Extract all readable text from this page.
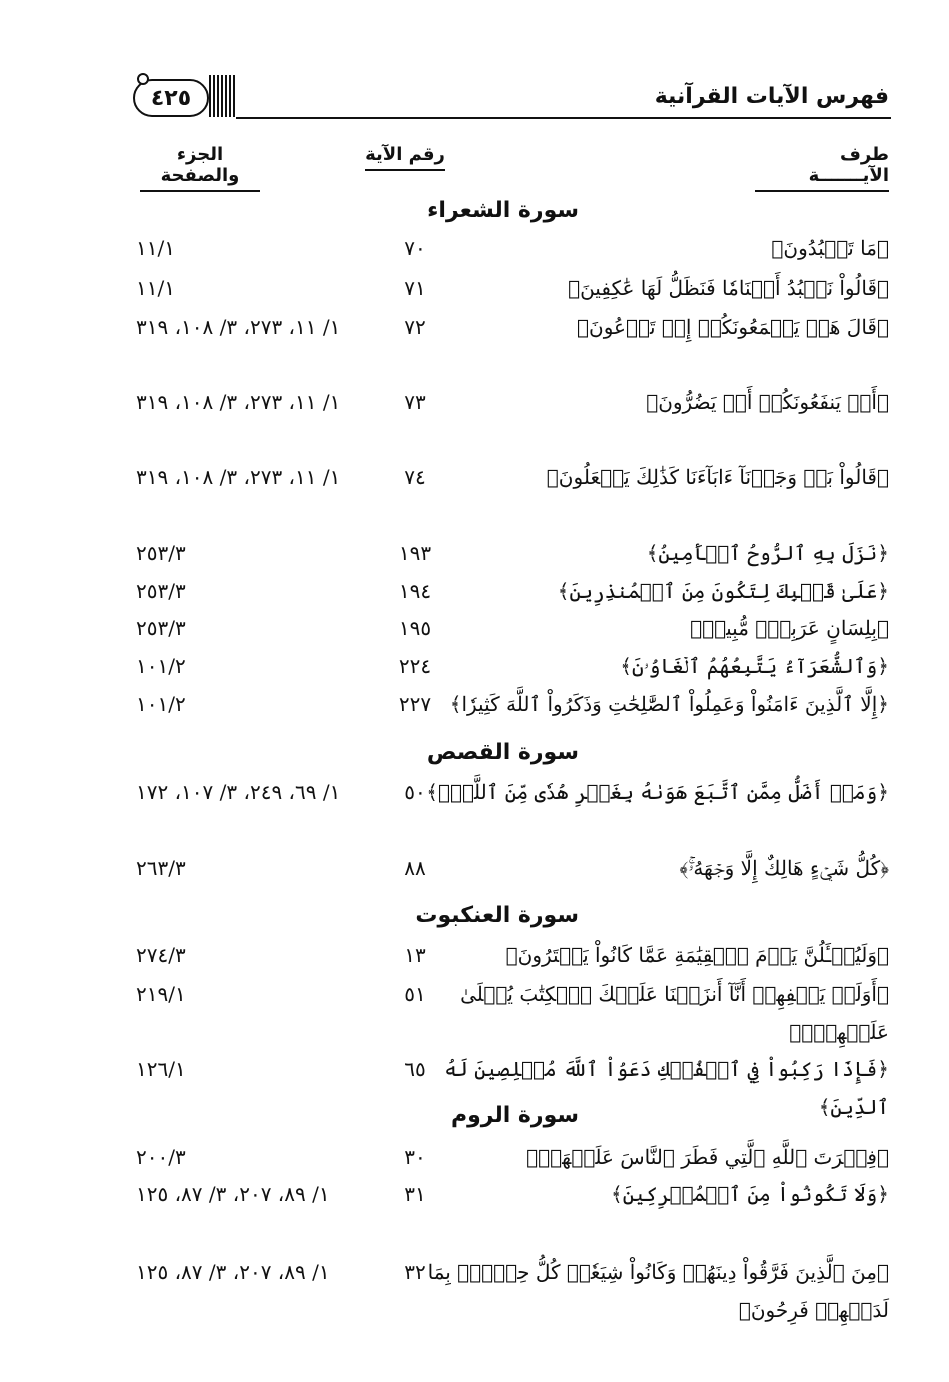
فهرس الآيات القرآنية
٤٢٥
طرف الآيـــــــة
رقم الآية
الجزء والصفحة
سورة الشعراء
﴿مَا تَعۡبُدُونَ﴾
٧٠
١١/١
﴿قَالُواْ نَعۡبُدُ أَصۡنَامٗا فَنَظَلُّ لَهَا عَٰكِفِينَ﴾
٧١
١١/١
﴿قَالَ هَلۡ يَسۡمَعُونَكُمۡ إِذۡ تَدۡعُونَ﴾
٧٢
١/ ١١، ٢٧٣، ٣/ ١٠٨، ٣١٩
﴿أَوۡ يَنفَعُونَكُمۡ أَوۡ يَضُرُّونَ﴾
٧٣
١/ ١١، ٢٧٣، ٣/ ١٠٨، ٣١٩
﴿قَالُواْ بَلۡ وَجَدۡنَآ ءَابَآءَنَا كَذَٰلِكَ يَفۡعَلُونَ﴾
٧٤
١/ ١١، ٢٧٣، ٣/ ١٠٨، ٣١٩
﴿نَزَلَ بِهِ ٱلرُّوحُ ٱلۡأَمِينُ﴾
١٩٣
٢٥٣/٣
﴿عَلَىٰ قَلۡبِكَ لِتَكُونَ مِنَ ٱلۡمُنذِرِينَ﴾
١٩٤
٢٥٣/٣
﴿بِلِسَانٍ عَرَبِيّٖ مُّبِينٖ﴾
١٩٥
٢٥٣/٣
﴿وَٱلشُّعَرَآءُ يَتَّبِعُهُمُ ٱلۡغَاوُۥنَ﴾
٢٢٤
١٠١/٢
﴿إِلَّا ٱلَّذِينَ ءَامَنُواْ وَعَمِلُواْ ٱلصَّٰلِحَٰتِ وَذَكَرُواْ ٱللَّهَ كَثِيرٗا﴾
٢٢٧
١٠١/٢
سورة القصص
﴿وَمَنۡ أَضَلُّ مِمَّنِ ٱتَّبَعَ هَوَىٰهُ بِغَيۡرِ هُدٗى مِّنَ ٱللَّهِۚ﴾
٥٠
١/ ٦٩، ٢٤٩، ٣/ ١٠٧، ١٧٢
﴿كُلُّ شَيۡءٍ هَالِكٌ إِلَّا وَجۡهَهُۥۚ﴾
٨٨
٢٦٣/٣
سورة العنكبوت
﴿وَلَيُسۡـَٔلُنَّ يَوۡمَ ٱلۡقِيَٰمَةِ عَمَّا كَانُواْ يَفۡتَرُونَ﴾
١٣
٢٧٤/٣
﴿أَوَلَمۡ يَكۡفِهِمۡ أَنَّآ أَنزَلۡنَا عَلَيۡكَ ٱلۡكِتَٰبَ يُتۡلَىٰ عَلَيۡهِمۡۚ﴾
٥١
٢١٩/١
﴿فَإِذَا رَكِبُواْ فِي ٱلۡفُلۡكِ دَعَوُاْ ٱللَّهَ مُخۡلِصِينَ لَهُ ٱلدِّينَ﴾
٦٥
١٢٦/١
سورة الروم
﴿فِطۡرَتَ ٱللَّهِ ٱلَّتِي فَطَرَ ٱلنَّاسَ عَلَيۡهَاۚ﴾
٣٠
٢٠٠/٣
﴿وَلَا تَكُونُواْ مِنَ ٱلۡمُشۡرِكِينَ﴾
٣١
١/ ٨٩، ٢٠٧، ٣/ ٨٧، ١٢٥
﴿مِنَ ٱلَّذِينَ فَرَّقُواْ دِينَهُمۡ وَكَانُواْ شِيَعٗاۖ كُلُّ حِزۡبِۭ بِمَا لَدَيۡهِمۡ فَرِحُونَ﴾
٣٢
١/ ٨٩، ٢٠٧، ٣/ ٨٧، ١٢٥
